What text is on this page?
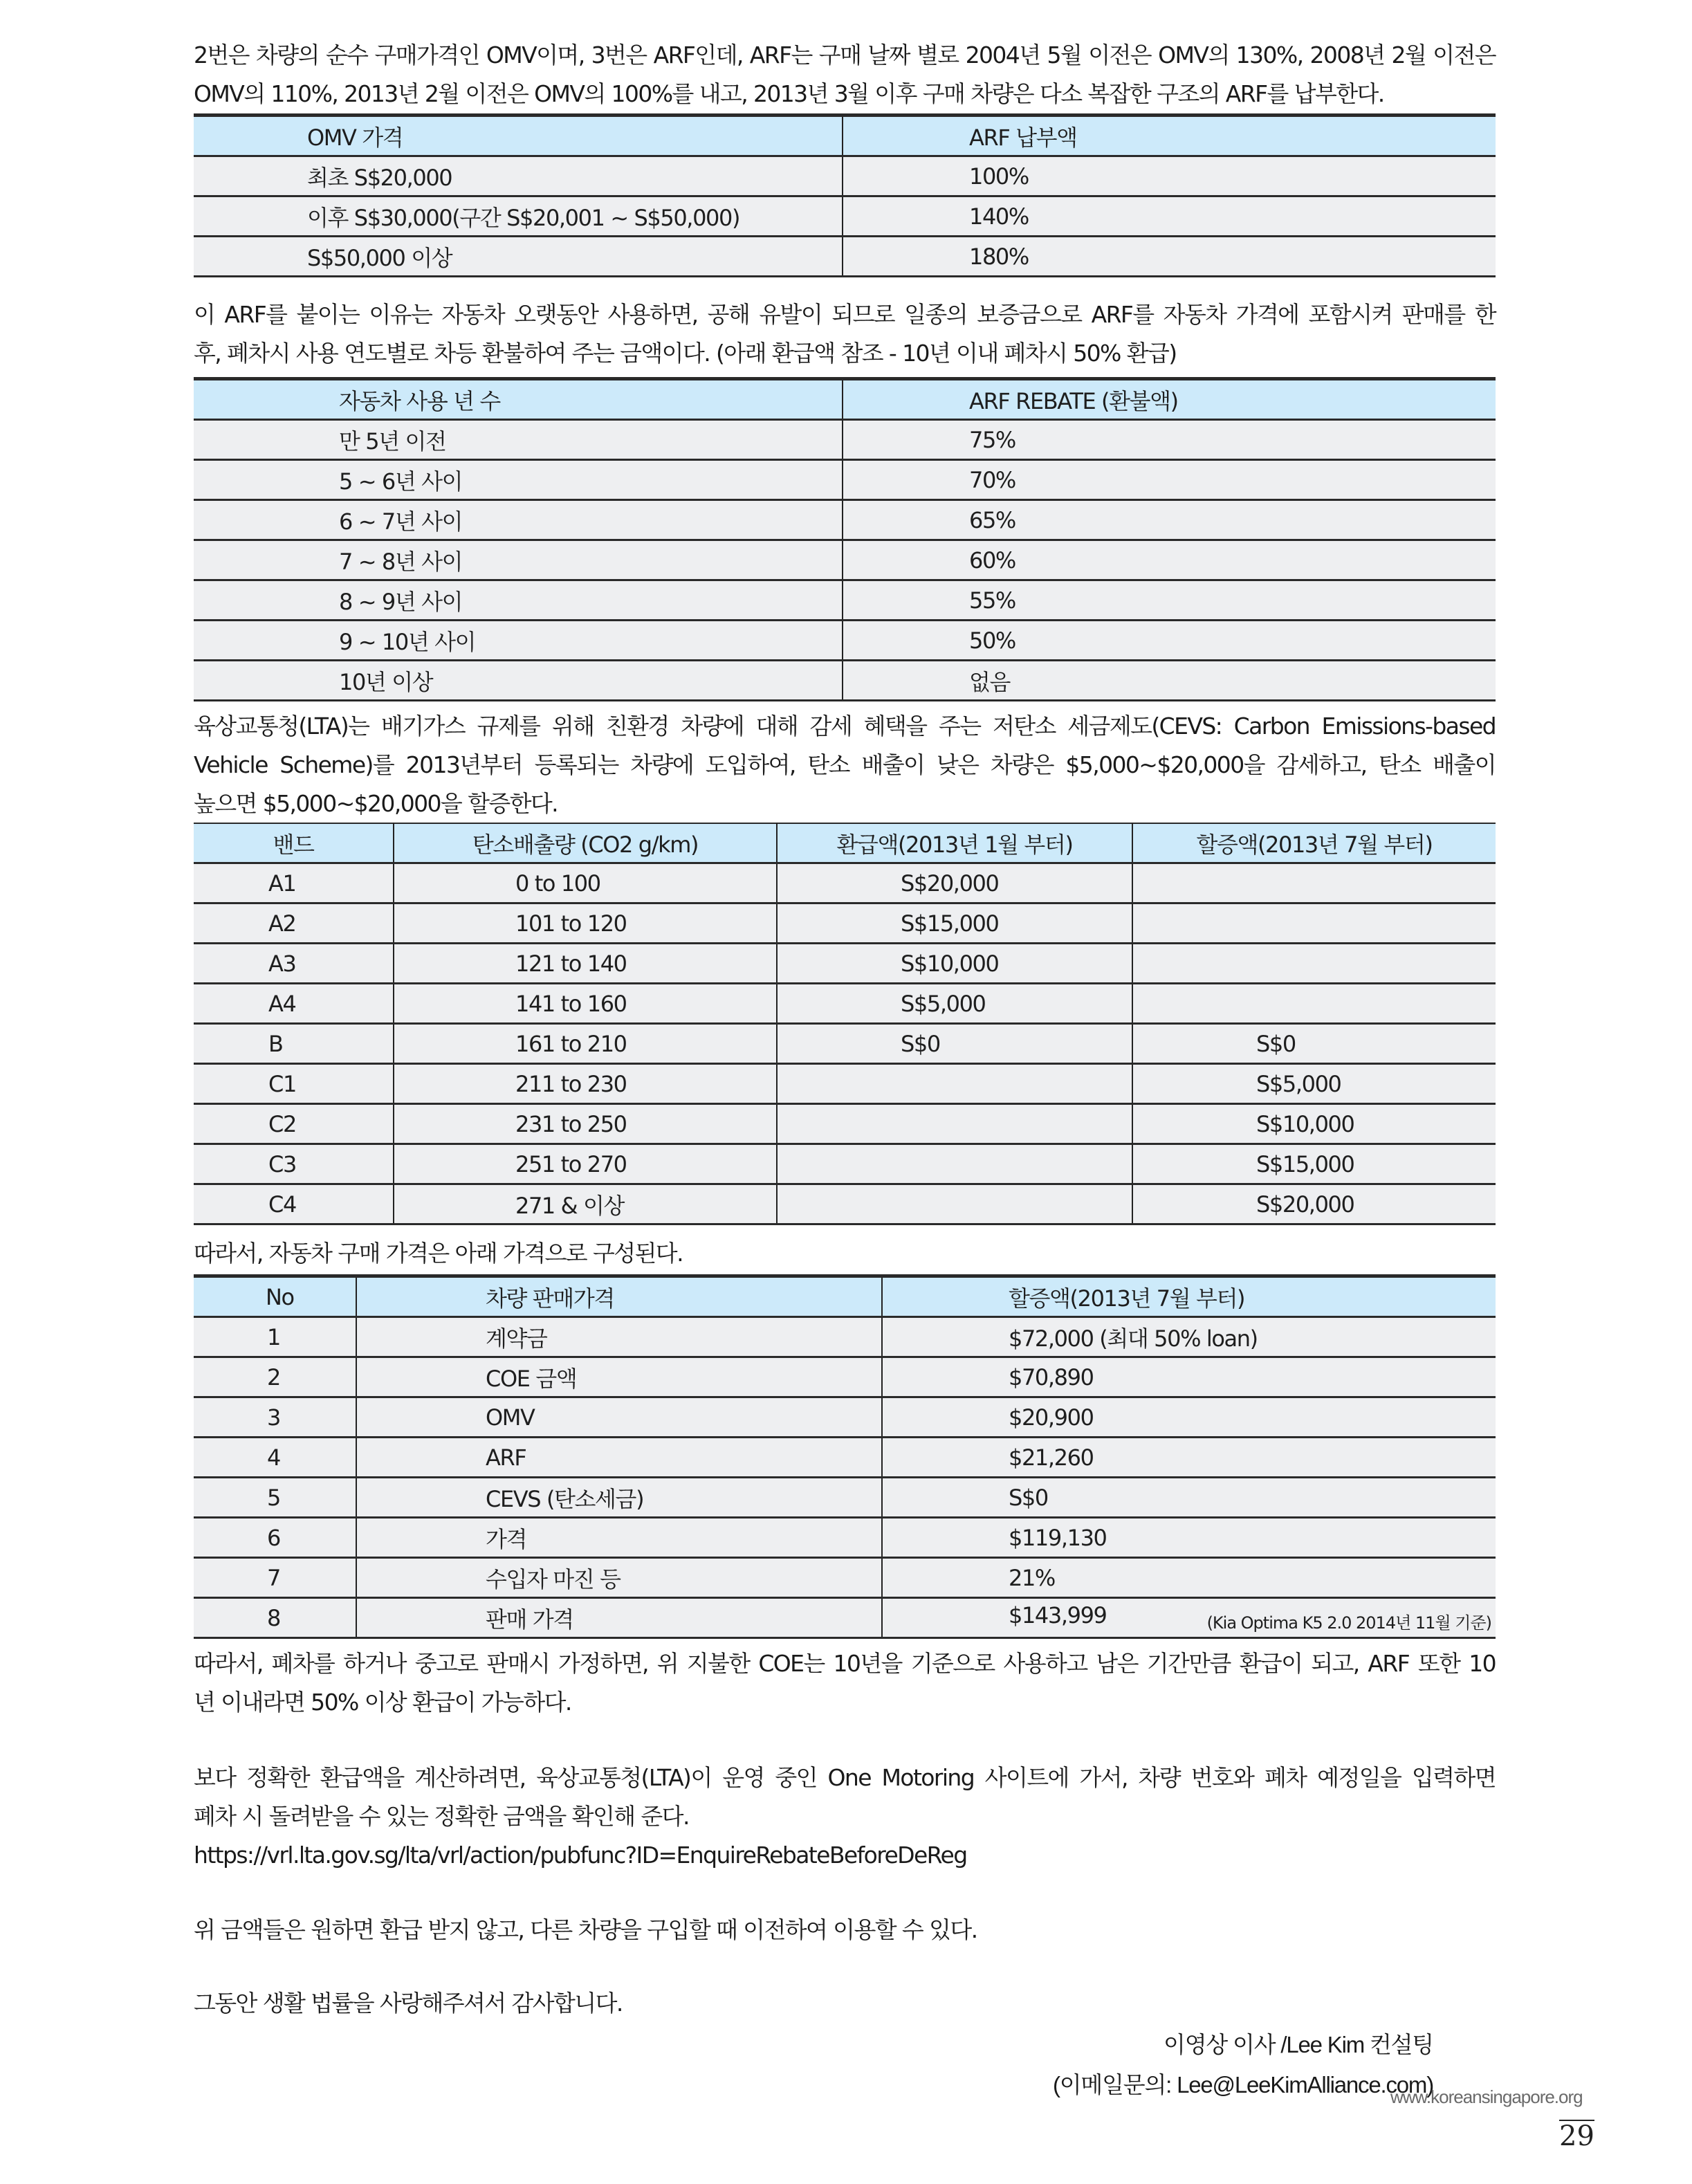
2번은 차량의 순수 구매가격인 OMV이며, 3번은 ARF인데, ARF는 구매 날짜 별로 2004년 5월 이전은 OMV의 130%, 2008년 2월 이전은
OMV의 110%, 2013년 2월 이전은 OMV의 100%를 내고, 2013년 3월 이후 구매 차량은 다소 복잡한 구조의 ARF를 납부한다.

OMV 가격	ARF 납부액
최초 S$20,000	100%
이후 S$30,000(구간 S$20,001 ~ S$50,000)	140%
S$50,000 이상	180%

이 ARF를 붙이는 이유는 자동차 오랫동안 사용하면, 공해 유발이 되므로 일종의 보증금으로 ARF를 자동차 가격에 포함시켜 판매를 한
후, 폐차시 사용 연도별로 차등 환불하여 주는 금액이다. (아래 환급액 참조 - 10년 이내 폐차시 50% 환급)

자동차 사용 년 수	ARF REBATE (환불액)
만 5년 이전	75%
5 ~ 6년 사이	70%
6 ~ 7년 사이	65%
7 ~ 8년 사이	60%
8 ~ 9년 사이	55%
9 ~ 10년 사이	50%
10년 이상	없음

육상교통청(LTA)는 배기가스 규제를 위해 친환경 차량에 대해 감세 혜택을 주는 저탄소 세금제도(CEVS: Carbon Emissions-based
Vehicle Scheme)를 2013년부터 등록되는 차량에 도입하여, 탄소 배출이 낮은 차량은 $5,000~$20,000을 감세하고, 탄소 배출이
높으면 $5,000~$20,000을 할증한다.

밴드	탄소배출량 (CO2 g/km)	환급액(2013년 1월 부터)	할증액(2013년 7월 부터)
A1	0 to 100	S$20,000	
A2	101 to 120	S$15,000	
A3	121 to 140	S$10,000	
A4	141 to 160	S$5,000	
B	161 to 210	S$0	S$0
C1	211 to 230		S$5,000
C2	231 to 250		S$10,000
C3	251 to 270		S$15,000
C4	271 & 이상		S$20,000

따라서, 자동차 구매 가격은 아래 가격으로 구성된다.

No	차량 판매가격	할증액(2013년 7월 부터)
1	계약금	$72,000 (최대 50% loan)
2	COE 금액	$70,890
3	OMV	$20,900
4	ARF	$21,260
5	CEVS (탄소세금)	S$0
6	가격	$119,130
7	수입자 마진 등	21%
8	판매 가격	$143,999 (Kia Optima K5 2.0 2014년 11월 기준)

따라서, 폐차를 하거나 중고로 판매시 가정하면, 위 지불한 COE는 10년을 기준으로 사용하고 남은 기간만큼 환급이 되고, ARF 또한 10
년 이내라면 50% 이상 환급이 가능하다.

보다 정확한 환급액을 계산하려면, 육상교통청(LTA)이 운영 중인 One Motoring 사이트에 가서, 차량 번호와 폐차 예정일을 입력하면
폐차 시 돌려받을 수 있는 정확한 금액을 확인해 준다.
https://vrl.lta.gov.sg/lta/vrl/action/pubfunc?ID=EnquireRebateBeforeDeReg

위 금액들은 원하면 환급 받지 않고, 다른 차량을 구입할 때 이전하여 이용할 수 있다.

그동안 생활 법률을 사랑해주셔서 감사합니다.

이영상 이사 /Lee Kim 컨설팅
(이메일문의: Lee@LeeKimAlliance.com)
www.koreansingapore.org
29
